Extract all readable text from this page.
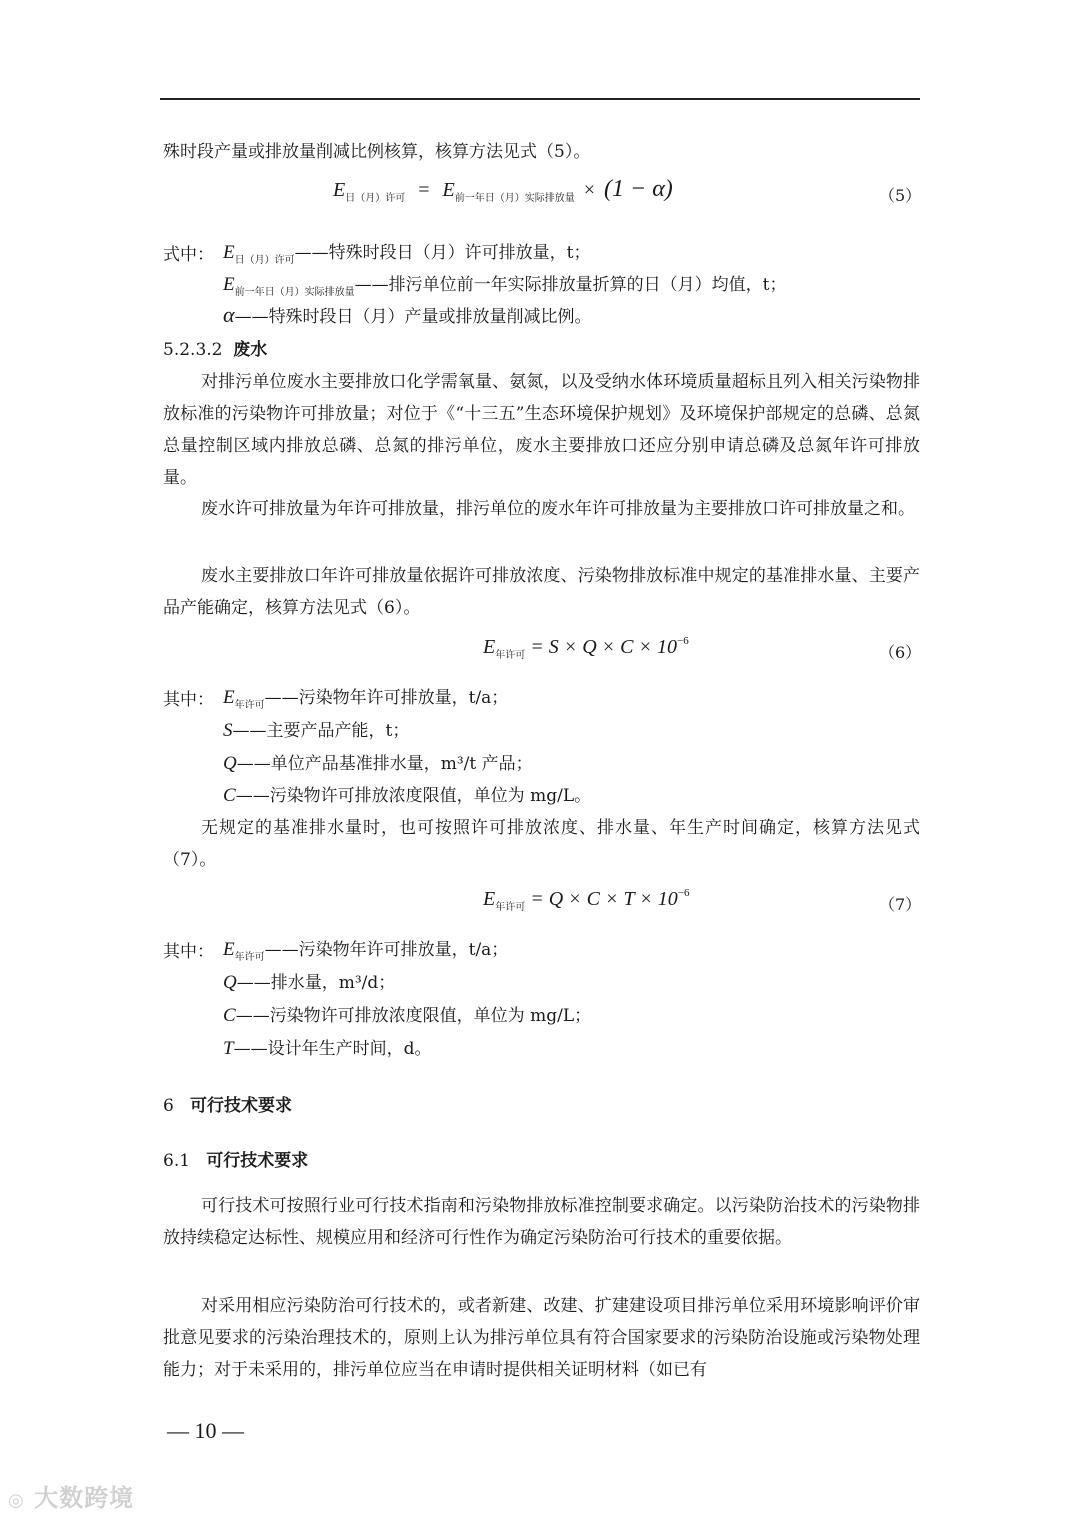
殊时段产量或排放量削减比例核算，核算方法见式（5）。
$E_{日(月)许可} = E_{前一年日(月)实际排放量} \times (1 - \alpha)$	（5）
式中： $E_{日(月)许可}——$特殊时段日（月）许可排放量，t；
$E_{前一年日(月)实际排放量}——$排污单位前一年实际排放量折算的日（月）均值，t；
α——特殊时段日（月）产量或排放量削减比例。
5.2.3.2 废水
对排污单位废水主要排放口化学需氧量、氨氮，以及受纳水体环境质量超标且列入相关污染物排放标准的污染物许可排放量；对位于《“十三五”生态环境保护规划》及环境保护部规定的总磷、总氮总量控制区域内排放总磷、总氮的排污单位，废水主要排放口还应分别申请总磷及总氮年许可排放量。
废水许可排放量为年许可排放量，排污单位的废水年许可排放量为主要排放口许可排放量之和。
废水主要排放口年许可排放量依据许可排放浓度、污染物排放标准中规定的基准排水量、主要产品产能确定，核算方法见式（6）。
$E_{年许可} = S \times Q \times C \times 10^{-6}$
（6）
其中： $E_{年许可}——$污染物年许可排放量，t/a；
S——主要产品产能，t；
Q——单位产品基准排水量，m³/t 产品；
C——污染物许可排放浓度限值，单位为 mg/L。
无规定的基准排水量时，也可按照许可排放浓度、排水量、年生产时间确定，核算方法见式（7）。
$E_{年许可} = Q \times C \times T \times 10^{-6}$
（7）
其中： $E_{年许可}——$污染物年许可排放量，t/a；
Q——排水量，m³/d；
C——污染物许可排放浓度限值，单位为 mg/L；
T——设计年生产时间，d。
6 可行技术要求
6.1 可行技术要求
可行技术可按照行业可行技术指南和污染物排放标准控制要求确定。以污染防治技术的污染物排放持续稳定达标性、规模应用和经济可行性作为确定污染防治可行技术的重要依据。
对采用相应污染防治可行技术的，或者新建、改建、扩建建设项目排污单位采用环境影响评价审批意见要求的污染治理技术的，原则上认为排污单位具有符合国家要求的污染防治设施或污染物处理能力；对于未采用的，排污单位应当在申请时提供相关证明材料（如已有
— 10 —
◎ 大数跨境
